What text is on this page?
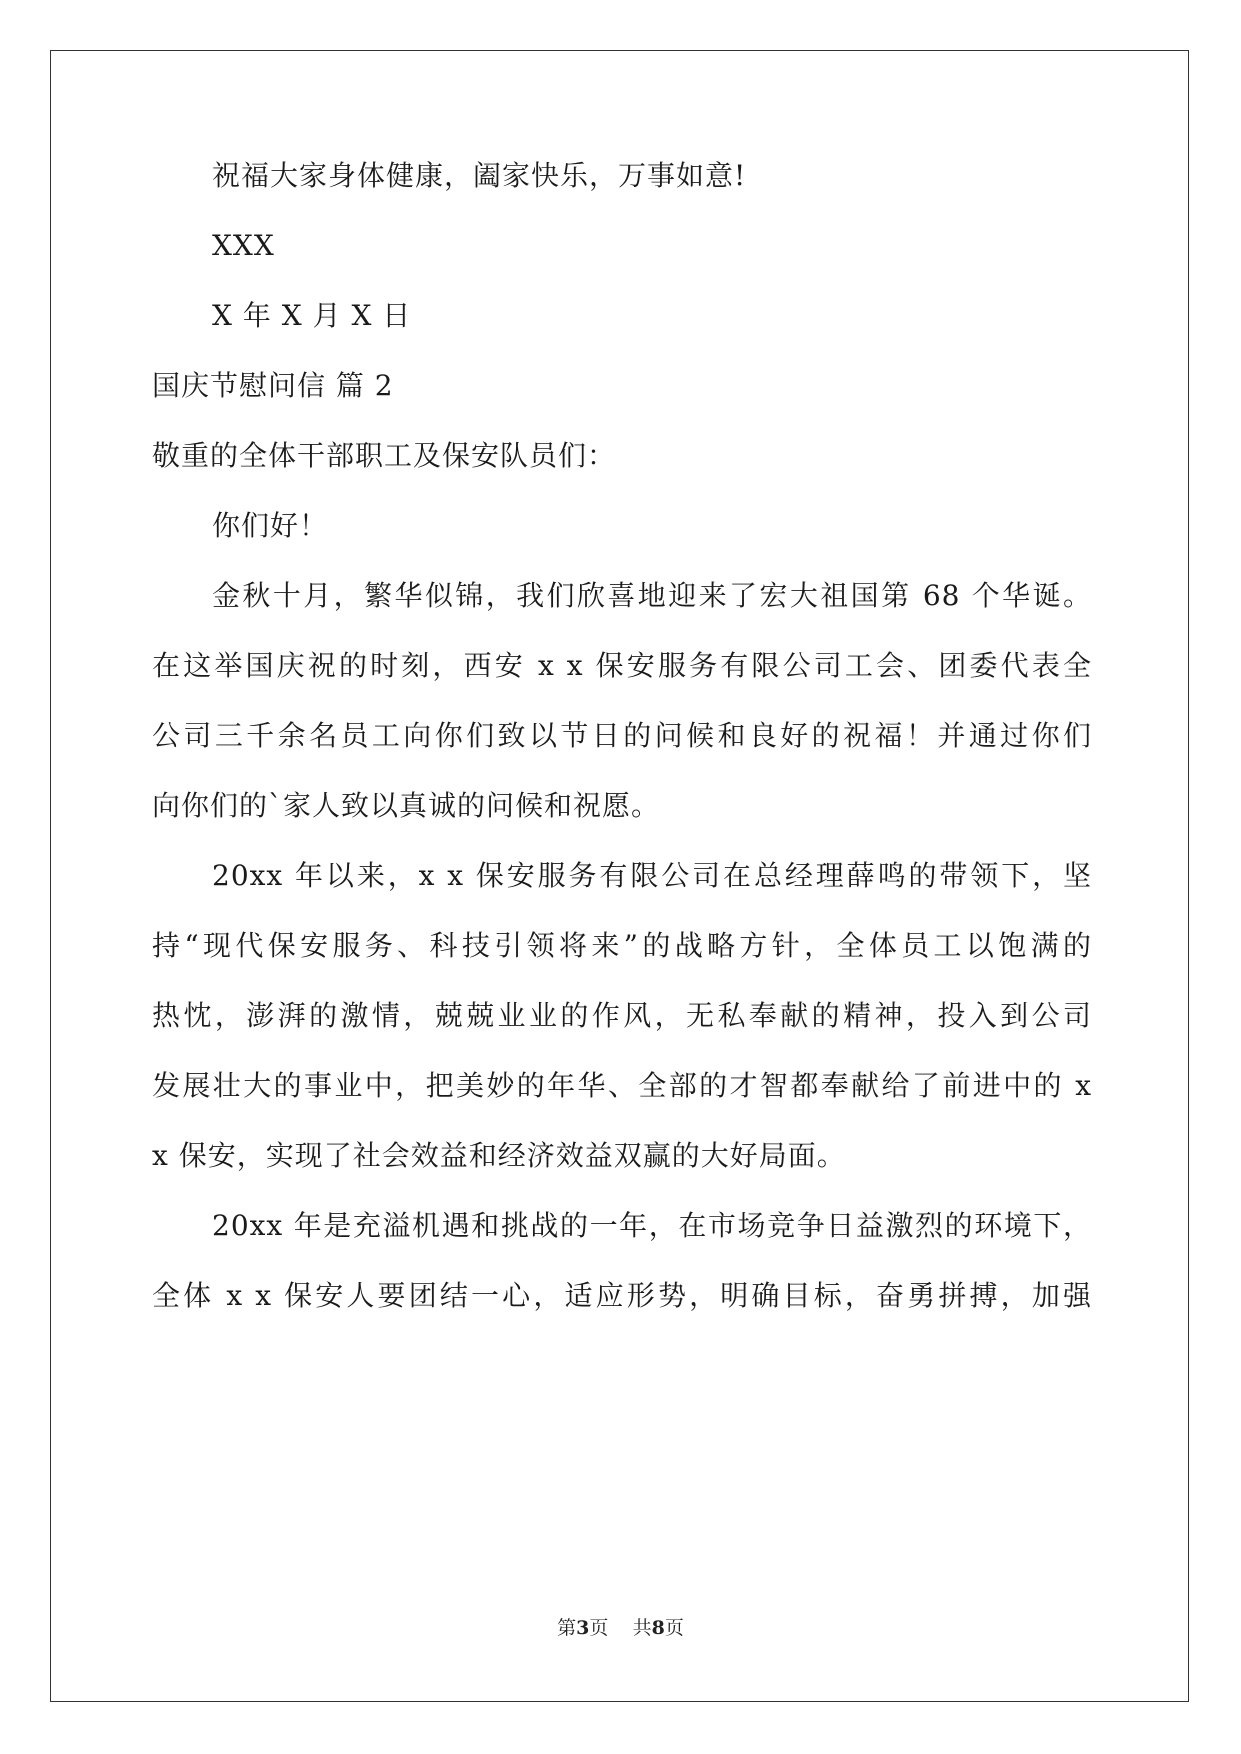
祝福大家身体健康，阖家快乐，万事如意!
XXX
X 年 X 月 X 日
国庆节慰问信 篇 2
敬重的全体干部职工及保安队员们：
你们好！
金秋十月，繁华似锦，我们欣喜地迎来了宏大祖国第 68 个华诞。
在这举国庆祝的时刻，西安 x x 保安服务有限公司工会、团委代表全
公司三千余名员工向你们致以节日的问候和良好的祝福！并通过你们
向你们的`家人致以真诚的问候和祝愿。
20xx 年以来，x x 保安服务有限公司在总经理薛鸣的带领下，坚
持“现代保安服务、科技引领将来”的战略方针，全体员工以饱满的
热忱，澎湃的激情，兢兢业业的作风，无私奉献的精神，投入到公司
发展壮大的事业中，把美妙的年华、全部的才智都奉献给了前进中的 x
x 保安，实现了社会效益和经济效益双赢的大好局面。
20xx 年是充溢机遇和挑战的一年，在市场竞争日益激烈的环境下，
全体 x x 保安人要团结一心，适应形势，明确目标，奋勇拼搏，加强
第3页 共8页
